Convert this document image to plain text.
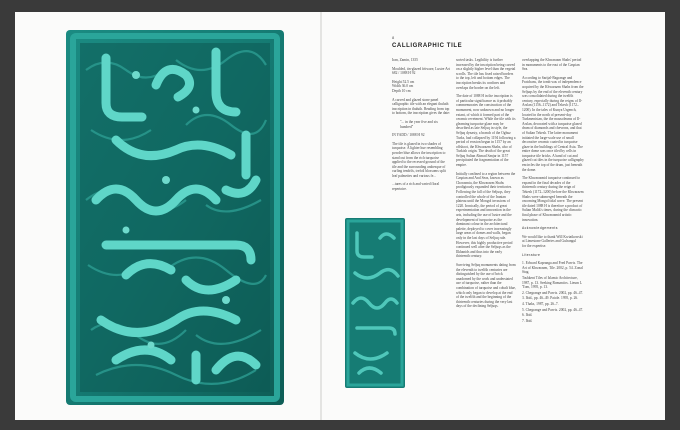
8
CALLIGRAPHIC TILE

Iran, Zamin, 1355

Moulded, tin-glazed fritware, Lustre Art 682 / 1088 H 92

Height 52.5 cm
Width 36.0 cm
Depth 10 cm

A carved and glazed stone panel calligraphic tile with an elegant thuluth inscription in thuluth. Reading from top to bottom, the inscription gives the date:

"... in the year five and six hundred"

IN YADD / 1088 H 92

The tile is glazed in two shades of turquoise. A lighter hue resembling powder blue allows the inscription to stand out from the rich turquoise applied to the recessed ground of the tile and the surrounding arabesque of curling tendrils, trefoil blossoms split leaf palmettes and various fe...

...tures of a rich and varied floral repertoire.

sorted tasks. Legibility is further increased by the inscription being carved on a slightly higher level than the vegetal scrolls. The tile has fixed raised borders to the top, left and bottom edges. The inscription breaks its confines and overlaps the border on the left.

The date of 1088 H in the inscription is of particular significance as it probably commemorates the construction of the monument, now unknown and no longer extant, of which it formed part of the ceramic revetment. While the tile with its gleaming turquoise glaze may be described as late Seljuq in style, the Seljuq dynasty, a branch of the Oghuz Turks, had collapsed by 1194 following a period of erosion begun in 1157 by an offshoot, the Khwarazm Shahs, also of Turkish origin. The death of the great Seljuq Sultan Ahmad Sanjar in 1157 precipitated the fragmentation of the empire.

Initially confined to a region between the Caspian and Aral Seas, known as Chorasmia, the Khwarazm Shahs prodigiously expanded their territories. Following the fall of the Seljuqs, they controlled the whole of the Iranian plateau until the Mongol invasions of 1220. Ironically, the period of great experimentation and innovation in the arts, including the use of lustre and the development of turquoise as the dominant colour in the architectural palette, deployed to cover increasingly large areas of domes and walls, began only in the last days of Seljuq rule. However, this highly productive period continued well after the Seljuqs as the Ilkhanids and thus into the early thirteenth century.

Surviving Seljuq monuments dating from the eleventh to twelfth centuries are distinguished by the use of brick unadorned by the work and understated use of turquoise, rather than the combination of turquoise and cobalt blue, which only began to develop at the end of the twelfth and the beginning of the thirteenth centuries during the very last days of the declining Seljuqs.

overlapping the Khwarazm Shahs' period in monuments to the east of the Caspian Sea.

According to Sarijal-Bagrange and Fratchans, the tomb was of independence acquired by the Khwarazm Shahs from the Seljuqs by the end of the eleventh century was consolidated during the twelfth century, especially during the reigns of Il-Arslan (1156–1172) and Tekesh (1172–1200). In the tales of Kunya Urgench, located in the north of present-day Turkmenistan, the the mausoleums of Il-Arslan, decorated with a turquoise glazed drum of diamonds and chevrons, and that of Sultan Tekesh. The latter monument initiated the large-scale use of small decorative ceramic coated in turquoise glaze in the buildings of Central Asia. The entire dome was once tiled by cells in turquoise tile bricks. A band of cut and glazed cut tiles in the turquoise calligraphy encircles the top of the drum, just beneath the dome.

The Khwarazmid turquoise continued to expand in the final decades of the thirteenth century during the reign of Tekesh (1172–1200) before the Khwarazm Shahs were submerged beneath the oncoming Mongol tidal wave. The present tile dated 1088 H is therefore a product of Sultan Malik's times, during the climactic final phase of Khwarazmid artistic innovation.

Acknowledgements

We would like to thank Will Kwiatkowski
at Limestone Galleries and Gulrangul
for the expertise.

Literature
1. Edward Kapranga and Fred Parvis. The Art of Khwarazm, Tile. 2002, p. 54. Zonal Stag.
Tashkent Tiles of Islamic Architecture, 1987, p. 13. Seeking Romantics. Lieum L 'Tom, 1995, p. 13.
2. Chegrange and Parvis. 2002, pp. 46–47.
3. Ibid., pp. 46–49. Paiole. 1995, p. 26.
4. Thaks, 1987, pp. 26–7.
5. Chegrange and Parvis. 2002, pp. 46–47.
6. Ibid.
7. Ibid.
